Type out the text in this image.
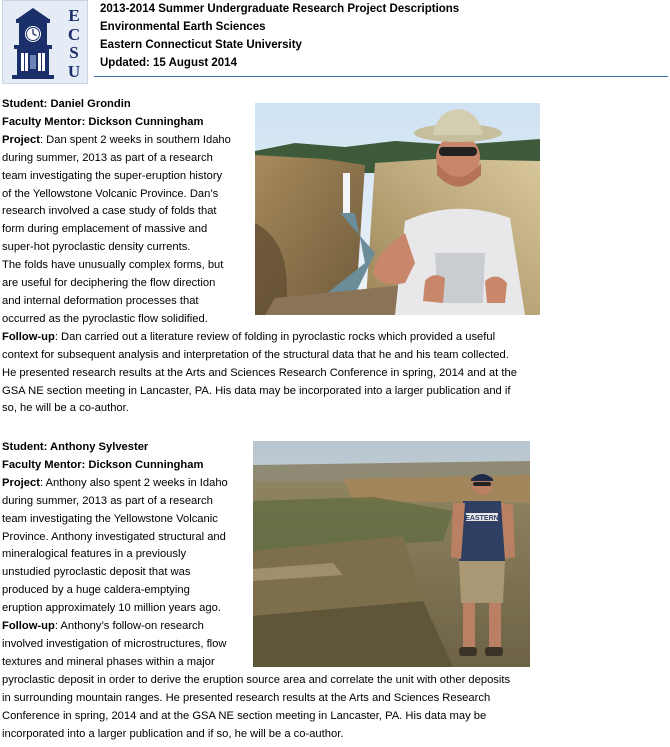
E
C
S
U
2013-2014 Summer Undergraduate Research Project Descriptions
Environmental Earth Sciences
Eastern Connecticut State University
Updated: 15 August 2014
Student: Daniel Grondin
Faculty Mentor: Dickson Cunningham
Project: Dan spent 2 weeks in southern Idaho
during summer, 2013 as part of a research
team investigating the super-eruption history
of the Yellowstone Volcanic Province. Dan’s
research involved a case study of folds that
form during emplacement of massive and
super-hot pyroclastic density currents.
The folds have unusually complex forms, but
are useful for deciphering the flow direction
and internal deformation processes that
occurred as the pyroclastic flow solidified.
Follow-up: Dan carried out a literature review of folding in pyroclastic rocks which provided a useful
context for subsequent analysis and interpretation of the structural data that he and his team collected.
He presented research results at the Arts and Sciences Research Conference in spring, 2014 and at the
GSA NE section meeting in Lancaster, PA. His data may be incorporated into a larger publication and if
so, he will be a co-author.
Student: Anthony Sylvester
Faculty Mentor: Dickson Cunningham
Project: Anthony also spent 2 weeks in Idaho
during summer, 2013 as part of a research
team investigating the Yellowstone Volcanic
Province. Anthony investigated structural and
mineralogical features in a previously
unstudied pyroclastic deposit that was
produced by a huge caldera-emptying
eruption approximately 10 million years ago.
Follow-up: Anthony’s follow-on research
involved investigation of microstructures, flow
textures and mineral phases within a major
pyroclastic deposit in order to derive the eruption source area and correlate the unit with other deposits
in surrounding mountain ranges. He presented research results at the Arts and Sciences Research
Conference in spring, 2014 and at the GSA NE section meeting in Lancaster, PA. His data may be
incorporated into a larger publication and if so, he will be a co-author.
EASTERN
